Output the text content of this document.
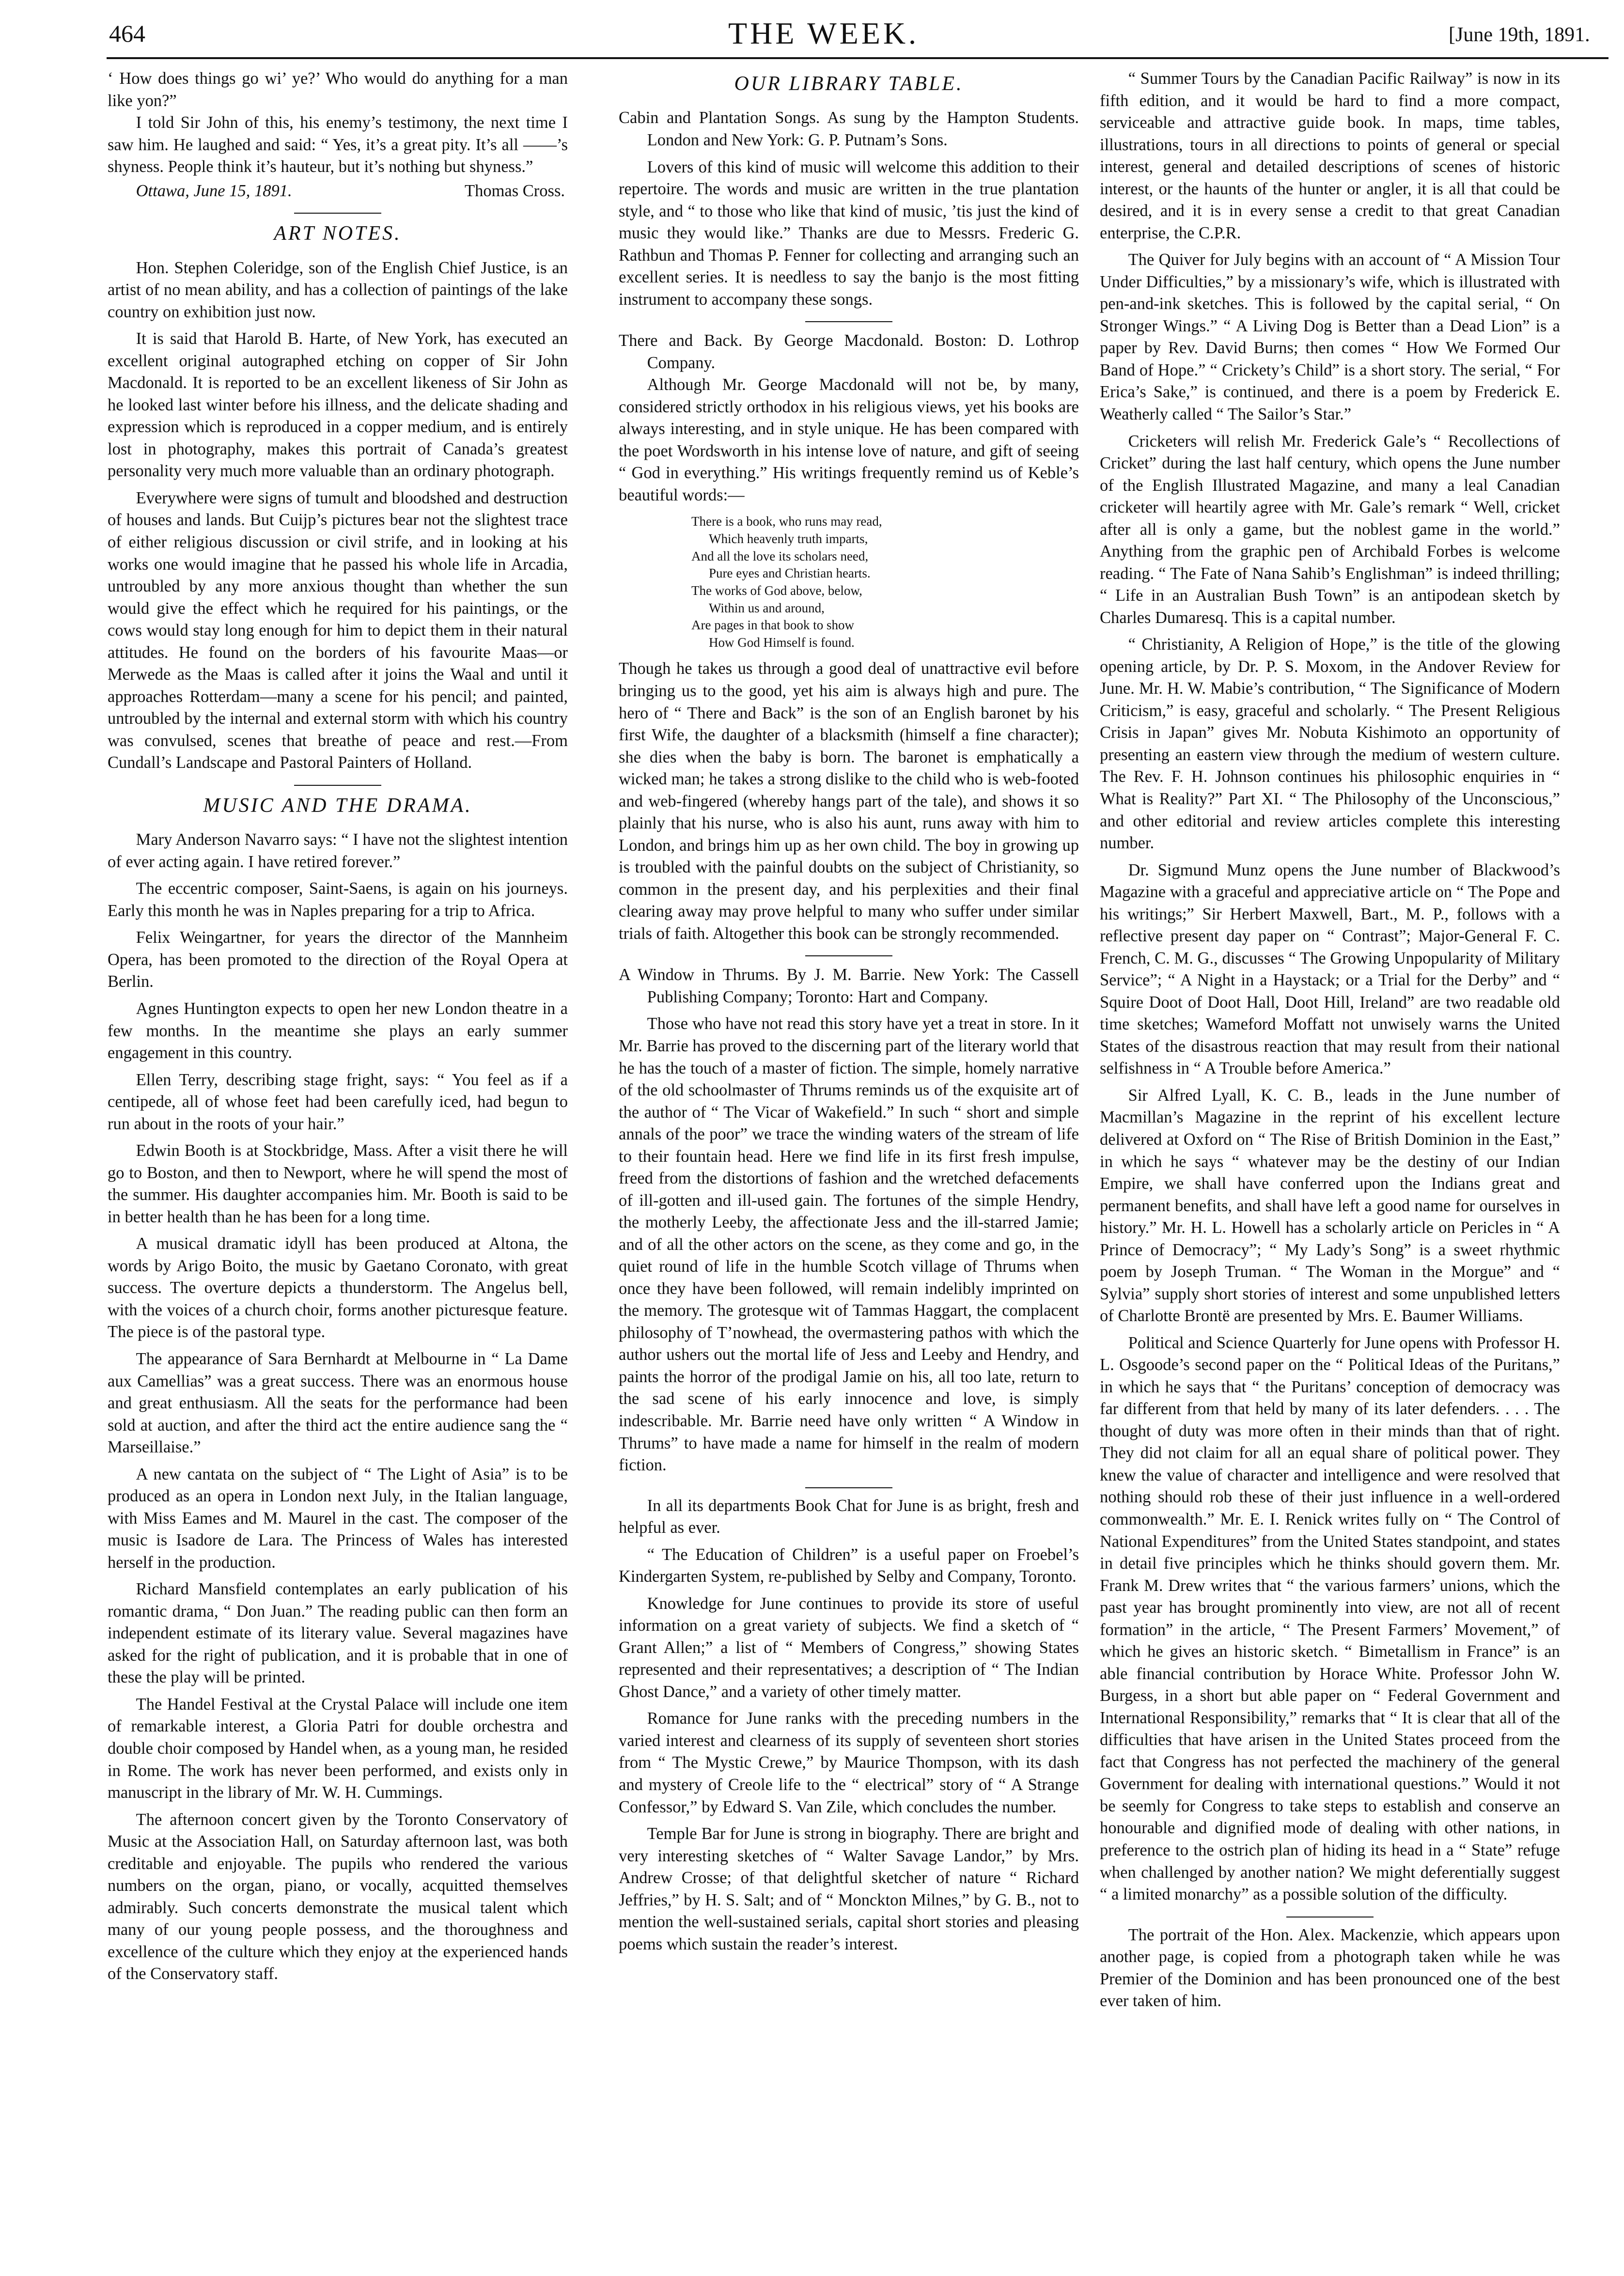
464	THE WEEK.	[June 19th, 1891.

‘ How does things go wi’ ye?’ Who would do anything for a man like yon?”

I told Sir John of this, his enemy’s testimony, the next time I saw him. He laughed and said: “ Yes, it’s a great pity. It’s all ——’s shyness. People think it’s hauteur, but it’s nothing but shyness.”

Ottawa, June 15, 1891.	Thomas Cross.
ART NOTES.

Hon. Stephen Coleridge, son of the English Chief Justice, is an artist of no mean ability, and has a collection of paintings of the lake country on exhibition just now.

It is said that Harold B. Harte, of New York, has executed an excellent original autographed etching on copper of Sir John Macdonald. It is reported to be an excellent likeness of Sir John as he looked last winter before his illness, and the delicate shading and expression which is reproduced in a copper medium, and is entirely lost in photography, makes this portrait of Canada’s greatest personality very much more valuable than an ordinary photograph.

Everywhere were signs of tumult and bloodshed and destruction of houses and lands. But Cuijp’s pictures bear not the slightest trace of either religious discussion or civil strife, and in looking at his works one would imagine that he passed his whole life in Arcadia, untroubled by any more anxious thought than whether the sun would give the effect which he required for his paintings, or the cows would stay long enough for him to depict them in their natural attitudes. He found on the borders of his favourite Maas—or Merwede as the Maas is called after it joins the Waal and until it approaches Rotterdam—many a scene for his pencil; and painted, untroubled by the internal and external storm with which his country was convulsed, scenes that breathe of peace and rest.—From Cundall’s Landscape and Pastoral Painters of Holland.

MUSIC AND THE DRAMA.

Mary Anderson Navarro says: “ I have not the slightest intention of ever acting again. I have retired forever.”

The eccentric composer, Saint-Saens, is again on his journeys. Early this month he was in Naples preparing for a trip to Africa.

Felix Weingartner, for years the director of the Mannheim Opera, has been promoted to the direction of the Royal Opera at Berlin.

Agnes Huntington expects to open her new London theatre in a few months. In the meantime she plays an early summer engagement in this country.

Ellen Terry, describing stage fright, says: “ You feel as if a centipede, all of whose feet had been carefully iced, had begun to run about in the roots of your hair.”

Edwin Booth is at Stockbridge, Mass. After a visit there he will go to Boston, and then to Newport, where he will spend the most of the summer. His daughter accompanies him. Mr. Booth is said to be in better health than he has been for a long time.

A musical dramatic idyll has been produced at Altona, the words by Arigo Boito, the music by Gaetano Coronato, with great success. The overture depicts a thunderstorm. The Angelus bell, with the voices of a church choir, forms another picturesque feature. The piece is of the pastoral type.

The appearance of Sara Bernhardt at Melbourne in “ La Dame aux Camellias” was a great success. There was an enormous house and great enthusiasm. All the seats for the performance had been sold at auction, and after the third act the entire audience sang the “ Marseillaise.”

A new cantata on the subject of “ The Light of Asia” is to be produced as an opera in London next July, in the Italian language, with Miss Eames and M. Maurel in the cast. The composer of the music is Isadore de Lara. The Princess of Wales has interested herself in the production.

Richard Mansfield contemplates an early publication of his romantic drama, “ Don Juan.” The reading public can then form an independent estimate of its literary value. Several magazines have asked for the right of publication, and it is probable that in one of these the play will be printed.

The Handel Festival at the Crystal Palace will include one item of remarkable interest, a Gloria Patri for double orchestra and double choir composed by Handel when, as a young man, he resided in Rome. The work has never been performed, and exists only in manuscript in the library of Mr. W. H. Cummings.

The afternoon concert given by the Toronto Conservatory of Music at the Association Hall, on Saturday afternoon last, was both creditable and enjoyable. The pupils who rendered the various numbers on the organ, piano, or vocally, acquitted themselves admirably. Such concerts demonstrate the musical talent which many of our young people possess, and the thoroughness and excellence of the culture which they enjoy at the experienced hands of the Conservatory staff.

OUR LIBRARY TABLE.

Cabin and Plantation Songs. As sung by the Hampton Students. London and New York: G. P. Putnam’s Sons.

Lovers of this kind of music will welcome this addition to their repertoire. The words and music are written in the true plantation style, and “ to those who like that kind of music, ’tis just the kind of music they would like.” Thanks are due to Messrs. Frederic G. Rathbun and Thomas P. Fenner for collecting and arranging such an excellent series. It is needless to say the banjo is the most fitting instrument to accompany these songs.

There and Back. By George Macdonald. Boston: D. Lothrop Company.

Although Mr. George Macdonald will not be, by many, considered strictly orthodox in his religious views, yet his books are always interesting, and in style unique. He has been compared with the poet Wordsworth in his intense love of nature, and gift of seeing “ God in everything.” His writings frequently remind us of Keble’s beautiful words:—

There is a book, who runs may read,
Which heavenly truth imparts,
And all the love its scholars need,
Pure eyes and Christian hearts.
The works of God above, below,
Within us and around,
Are pages in that book to show
How God Himself is found.

Though he takes us through a good deal of unattractive evil before bringing us to the good, yet his aim is always high and pure. The hero of “ There and Back” is the son of an English baronet by his first Wife, the daughter of a blacksmith (himself a fine character); she dies when the baby is born. The baronet is emphatically a wicked man; he takes a strong dislike to the child who is web-footed and web-fingered (whereby hangs part of the tale), and shows it so plainly that his nurse, who is also his aunt, runs away with him to London, and brings him up as her own child. The boy in growing up is troubled with the painful doubts on the subject of Christianity, so common in the present day, and his perplexities and their final clearing away may prove helpful to many who suffer under similar trials of faith. Altogether this book can be strongly recommended.

A Window in Thrums. By J. M. Barrie. New York: The Cassell Publishing Company; Toronto: Hart and Company.

Those who have not read this story have yet a treat in store. In it Mr. Barrie has proved to the discerning part of the literary world that he has the touch of a master of fiction. The simple, homely narrative of the old schoolmaster of Thrums reminds us of the exquisite art of the author of “ The Vicar of Wakefield.” In such “ short and simple annals of the poor” we trace the winding waters of the stream of life to their fountain head. Here we find life in its first fresh impulse, freed from the distortions of fashion and the wretched defacements of ill-gotten and ill-used gain. The fortunes of the simple Hendry, the motherly Leeby, the affectionate Jess and the ill-starred Jamie; and of all the other actors on the scene, as they come and go, in the quiet round of life in the humble Scotch village of Thrums when once they have been followed, will remain indelibly imprinted on the memory. The grotesque wit of Tammas Haggart, the complacent philosophy of T’nowhead, the overmastering pathos with which the author ushers out the mortal life of Jess and Leeby and Hendry, and paints the horror of the prodigal Jamie on his, all too late, return to the sad scene of his early innocence and love, is simply indescribable. Mr. Barrie need have only written “ A Window in Thrums” to have made a name for himself in the realm of modern fiction.

In all its departments Book Chat for June is as bright, fresh and helpful as ever.

“ The Education of Children” is a useful paper on Froebel’s Kindergarten System, re-published by Selby and Company, Toronto.

Knowledge for June continues to provide its store of useful information on a great variety of subjects. We find a sketch of “ Grant Allen;” a list of “ Members of Congress,” showing States represented and their representatives; a description of “ The Indian Ghost Dance,” and a variety of other timely matter.

Romance for June ranks with the preceding numbers in the varied interest and clearness of its supply of seventeen short stories from “ The Mystic Crewe,” by Maurice Thompson, with its dash and mystery of Creole life to the “ electrical” story of “ A Strange Confessor,” by Edward S. Van Zile, which concludes the number.

Temple Bar for June is strong in biography. There are bright and very interesting sketches of “ Walter Savage Landor,” by Mrs. Andrew Crosse; of that delightful sketcher of nature “ Richard Jeffries,” by H. S. Salt; and of “ Monckton Milnes,” by G. B., not to mention the well-sustained serials, capital short stories and pleasing poems which sustain the reader’s interest.

“ Summer Tours by the Canadian Pacific Railway” is now in its fifth edition, and it would be hard to find a more compact, serviceable and attractive guide book. In maps, time tables, illustrations, tours in all directions to points of general or special interest, general and detailed descriptions of scenes of historic interest, or the haunts of the hunter or angler, it is all that could be desired, and it is in every sense a credit to that great Canadian enterprise, the C.P.R.

The Quiver for July begins with an account of “ A Mission Tour Under Difficulties,” by a missionary’s wife, which is illustrated with pen-and-ink sketches. This is followed by the capital serial, “ On Stronger Wings.” “ A Living Dog is Better than a Dead Lion” is a paper by Rev. David Burns; then comes “ How We Formed Our Band of Hope.” “ Crickety’s Child” is a short story. The serial, “ For Erica’s Sake,” is continued, and there is a poem by Frederick E. Weatherly called “ The Sailor’s Star.”

Cricketers will relish Mr. Frederick Gale’s “ Recollections of Cricket” during the last half century, which opens the June number of the English Illustrated Magazine, and many a leal Canadian cricketer will heartily agree with Mr. Gale’s remark “ Well, cricket after all is only a game, but the noblest game in the world.” Anything from the graphic pen of Archibald Forbes is welcome reading. “ The Fate of Nana Sahib’s Englishman” is indeed thrilling; “ Life in an Australian Bush Town” is an antipodean sketch by Charles Dumaresq. This is a capital number.

“ Christianity, A Religion of Hope,” is the title of the glowing opening article, by Dr. P. S. Moxom, in the Andover Review for June. Mr. H. W. Mabie’s contribution, “ The Significance of Modern Criticism,” is easy, graceful and scholarly. “ The Present Religious Crisis in Japan” gives Mr. Nobuta Kishimoto an opportunity of presenting an eastern view through the medium of western culture. The Rev. F. H. Johnson continues his philosophic enquiries in “ What is Reality?” Part XI. “ The Philosophy of the Unconscious,” and other editorial and review articles complete this interesting number.

Dr. Sigmund Munz opens the June number of Blackwood’s Magazine with a graceful and appreciative article on “ The Pope and his writings;” Sir Herbert Maxwell, Bart., M. P., follows with a reflective present day paper on “ Contrast”; Major-General F. C. French, C. M. G., discusses “ The Growing Unpopularity of Military Service”; “ A Night in a Haystack; or a Trial for the Derby” and “ Squire Doot of Doot Hall, Doot Hill, Ireland” are two readable old time sketches; Wameford Moffatt not unwisely warns the United States of the disastrous reaction that may result from their national selfishness in “ A Trouble before America.”

Sir Alfred Lyall, K. C. B., leads in the June number of Macmillan’s Magazine in the reprint of his excellent lecture delivered at Oxford on “ The Rise of British Dominion in the East,” in which he says “ whatever may be the destiny of our Indian Empire, we shall have conferred upon the Indians great and permanent benefits, and shall have left a good name for ourselves in history.” Mr. H. L. Howell has a scholarly article on Pericles in “ A Prince of Democracy”; “ My Lady’s Song” is a sweet rhythmic poem by Joseph Truman. “ The Woman in the Morgue” and “ Sylvia” supply short stories of interest and some unpublished letters of Charlotte Brontë are presented by Mrs. E. Baumer Williams.

Political and Science Quarterly for June opens with Professor H. L. Osgoode’s second paper on the “ Political Ideas of the Puritans,” in which he says that “ the Puritans’ conception of democracy was far different from that held by many of its later defenders. . . . The thought of duty was more often in their minds than that of right. They did not claim for all an equal share of political power. They knew the value of character and intelligence and were resolved that nothing should rob these of their just influence in a well-ordered commonwealth.” Mr. E. I. Renick writes fully on “ The Control of National Expenditures” from the United States standpoint, and states in detail five principles which he thinks should govern them. Mr. Frank M. Drew writes that “ the various farmers’ unions, which the past year has brought prominently into view, are not all of recent formation” in the article, “ The Present Farmers’ Movement,” of which he gives an historic sketch. “ Bimetallism in France” is an able financial contribution by Horace White. Professor John W. Burgess, in a short but able paper on “ Federal Government and International Responsibility,” remarks that “ It is clear that all of the difficulties that have arisen in the United States proceed from the fact that Congress has not perfected the machinery of the general Government for dealing with international questions.” Would it not be seemly for Congress to take steps to establish and conserve an honourable and dignified mode of dealing with other nations, in preference to the ostrich plan of hiding its head in a “ State” refuge when challenged by another nation? We might deferentially suggest “ a limited monarchy” as a possible solution of the difficulty.

The portrait of the Hon. Alex. Mackenzie, which appears upon another page, is copied from a photograph taken while he was Premier of the Dominion and has been pronounced one of the best ever taken of him.
